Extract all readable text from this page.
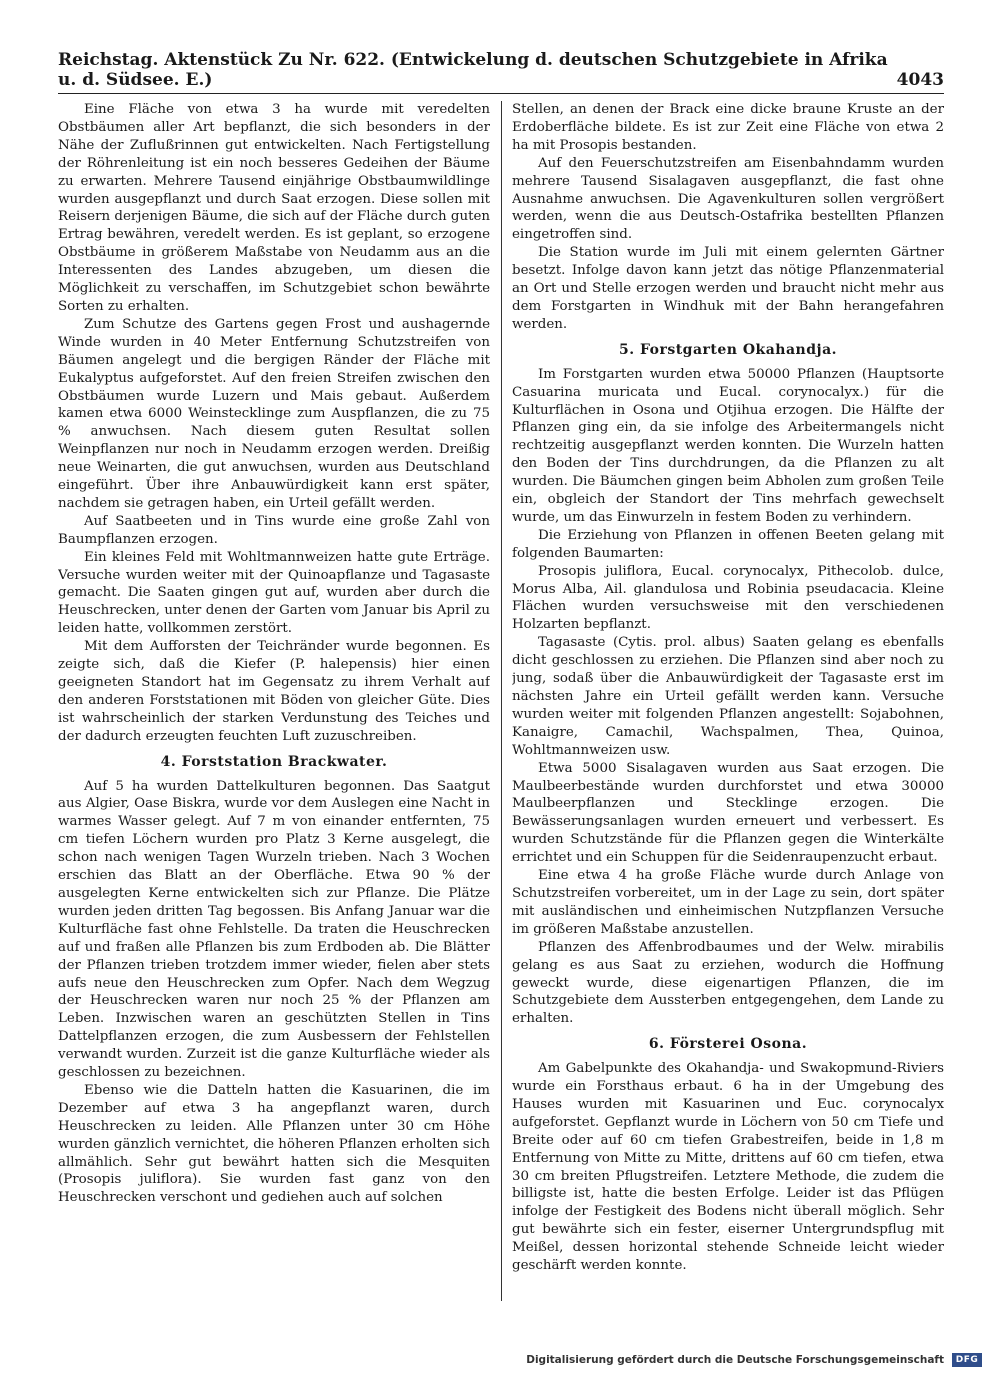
Reichstag. Aktenstück Zu Nr. 622. (Entwickelung d. deutschen Schutzgebiete in Afrika u. d. Südsee. E.)	4043

Eine Fläche von etwa 3 ha wurde mit veredelten Obstbäumen aller Art bepflanzt, die sich besonders in der Nähe der Zuflußrinnen gut entwickelten. Nach Fertigstellung der Röhrenleitung ist ein noch besseres Gedeihen der Bäume zu erwarten. Mehrere Tausend einjährige Obstbaumwildlinge wurden ausgepflanzt und durch Saat erzogen. Diese sollen mit Reisern derjenigen Bäume, die sich auf der Fläche durch guten Ertrag bewähren, veredelt werden. Es ist geplant, so erzogene Obstbäume in größerem Maßstabe von Neudamm aus an die Interessenten des Landes abzugeben, um diesen die Möglichkeit zu verschaffen, im Schutzgebiet schon bewährte Sorten zu erhalten.

Zum Schutze des Gartens gegen Frost und aushagernde Winde wurden in 40 Meter Entfernung Schutzstreifen von Bäumen angelegt und die bergigen Ränder der Fläche mit Eukalyptus aufgeforstet. Auf den freien Streifen zwischen den Obstbäumen wurde Luzern und Mais gebaut. Außerdem kamen etwa 6000 Weinstecklinge zum Auspflanzen, die zu 75 % anwuchsen. Nach diesem guten Resultat sollen Weinpflanzen nur noch in Neudamm erzogen werden. Dreißig neue Weinarten, die gut anwuchsen, wurden aus Deutschland eingeführt. Über ihre Anbauwürdigkeit kann erst später, nachdem sie getragen haben, ein Urteil gefällt werden.

Auf Saatbeeten und in Tins wurde eine große Zahl von Baumpflanzen erzogen.

Ein kleines Feld mit Wohltmannweizen hatte gute Erträge. Versuche wurden weiter mit der Quinoapflanze und Tagasaste gemacht. Die Saaten gingen gut auf, wurden aber durch die Heuschrecken, unter denen der Garten vom Januar bis April zu leiden hatte, vollkommen zerstört.

Mit dem Aufforsten der Teichränder wurde begonnen. Es zeigte sich, daß die Kiefer (P. halepensis) hier einen geeigneten Standort hat im Gegensatz zu ihrem Verhalt auf den anderen Forststationen mit Böden von gleicher Güte. Dies ist wahrscheinlich der starken Verdunstung des Teiches und der dadurch erzeugten feuchten Luft zuzuschreiben.

4. Forststation Brackwater.

Auf 5 ha wurden Dattelkulturen begonnen. Das Saatgut aus Algier, Oase Biskra, wurde vor dem Auslegen eine Nacht in warmes Wasser gelegt. Auf 7 m von einander entfernten, 75 cm tiefen Löchern wurden pro Platz 3 Kerne ausgelegt, die schon nach wenigen Tagen Wurzeln trieben. Nach 3 Wochen erschien das Blatt an der Oberfläche. Etwa 90 % der ausgelegten Kerne entwickelten sich zur Pflanze. Die Plätze wurden jeden dritten Tag begossen. Bis Anfang Januar war die Kulturfläche fast ohne Fehlstelle. Da traten die Heuschrecken auf und fraßen alle Pflanzen bis zum Erdboden ab. Die Blätter der Pflanzen trieben trotzdem immer wieder, fielen aber stets aufs neue den Heuschrecken zum Opfer. Nach dem Wegzug der Heuschrecken waren nur noch 25 % der Pflanzen am Leben. Inzwischen waren an geschützten Stellen in Tins Dattelpflanzen erzogen, die zum Ausbessern der Fehlstellen verwandt wurden. Zurzeit ist die ganze Kulturfläche wieder als geschlossen zu bezeichnen.

Ebenso wie die Datteln hatten die Kasuarinen, die im Dezember auf etwa 3 ha angepflanzt waren, durch Heuschrecken zu leiden. Alle Pflanzen unter 30 cm Höhe wurden gänzlich vernichtet, die höheren Pflanzen erholten sich allmählich. Sehr gut bewährt hatten sich die Mesquiten (Prosopis juliflora). Sie wurden fast ganz von den Heuschrecken verschont und gediehen auch auf solchen

Stellen, an denen der Brack eine dicke braune Kruste an der Erdoberfläche bildete. Es ist zur Zeit eine Fläche von etwa 2 ha mit Prosopis bestanden.

Auf den Feuerschutzstreifen am Eisenbahndamm wurden mehrere Tausend Sisalagaven ausgepflanzt, die fast ohne Ausnahme anwuchsen. Die Agavenkulturen sollen vergrößert werden, wenn die aus Deutsch-Ostafrika bestellten Pflanzen eingetroffen sind.

Die Station wurde im Juli mit einem gelernten Gärtner besetzt. Infolge davon kann jetzt das nötige Pflanzenmaterial an Ort und Stelle erzogen werden und braucht nicht mehr aus dem Forstgarten in Windhuk mit der Bahn herangefahren werden.

5. Forstgarten Okahandja.

Im Forstgarten wurden etwa 50000 Pflanzen (Hauptsorte Casuarina muricata und Eucal. corynocalyx.) für die Kulturflächen in Osona und Otjihua erzogen. Die Hälfte der Pflanzen ging ein, da sie infolge des Arbeitermangels nicht rechtzeitig ausgepflanzt werden konnten. Die Wurzeln hatten den Boden der Tins durchdrungen, da die Pflanzen zu alt wurden. Die Bäumchen gingen beim Abholen zum großen Teile ein, obgleich der Standort der Tins mehrfach gewechselt wurde, um das Einwurzeln in festem Boden zu verhindern.

Die Erziehung von Pflanzen in offenen Beeten gelang mit folgenden Baumarten:

Prosopis juliflora, Eucal. corynocalyx, Pithecolob. dulce, Morus Alba, Ail. glandulosa und Robinia pseudacacia. Kleine Flächen wurden versuchsweise mit den verschiedenen Holzarten bepflanzt.

Tagasaste (Cytis. prol. albus) Saaten gelang es ebenfalls dicht geschlossen zu erziehen. Die Pflanzen sind aber noch zu jung, sodaß über die Anbauwürdigkeit der Tagasaste erst im nächsten Jahre ein Urteil gefällt werden kann. Versuche wurden weiter mit folgenden Pflanzen angestellt: Sojabohnen, Kanaigre, Camachil, Wachspalmen, Thea, Quinoa, Wohltmannweizen usw.

Etwa 5000 Sisalagaven wurden aus Saat erzogen. Die Maulbeerbestände wurden durchforstet und etwa 30000 Maulbeerpflanzen und Stecklinge erzogen. Die Bewässerungsanlagen wurden erneuert und verbessert. Es wurden Schutzstände für die Pflanzen gegen die Winterkälte errichtet und ein Schuppen für die Seidenraupenzucht erbaut.

Eine etwa 4 ha große Fläche wurde durch Anlage von Schutzstreifen vorbereitet, um in der Lage zu sein, dort später mit ausländischen und einheimischen Nutzpflanzen Versuche im größeren Maßstabe anzustellen.

Pflanzen des Affenbrodbaumes und der Welw. mirabilis gelang es aus Saat zu erziehen, wodurch die Hoffnung geweckt wurde, diese eigenartigen Pflanzen, die im Schutzgebiete dem Aussterben entgegengehen, dem Lande zu erhalten.

6. Försterei Osona.

Am Gabelpunkte des Okahandja- und Swakopmund-Riviers wurde ein Forsthaus erbaut. 6 ha in der Umgebung des Hauses wurden mit Kasuarinen und Euc. corynocalyx aufgeforstet. Gepflanzt wurde in Löchern von 50 cm Tiefe und Breite oder auf 60 cm tiefen Grabestreifen, beide in 1,8 m Entfernung von Mitte zu Mitte, drittens auf 60 cm tiefen, etwa 30 cm breiten Pflugstreifen. Letztere Methode, die zudem die billigste ist, hatte die besten Erfolge. Leider ist das Pflügen infolge der Festigkeit des Bodens nicht überall möglich. Sehr gut bewährte sich ein fester, eiserner Untergrundspflug mit Meißel, dessen horizontal stehende Schneide leicht wieder geschärft werden konnte.

Digitalisierung gefördert durch die Deutsche Forschungsgemeinschaft	DFG
